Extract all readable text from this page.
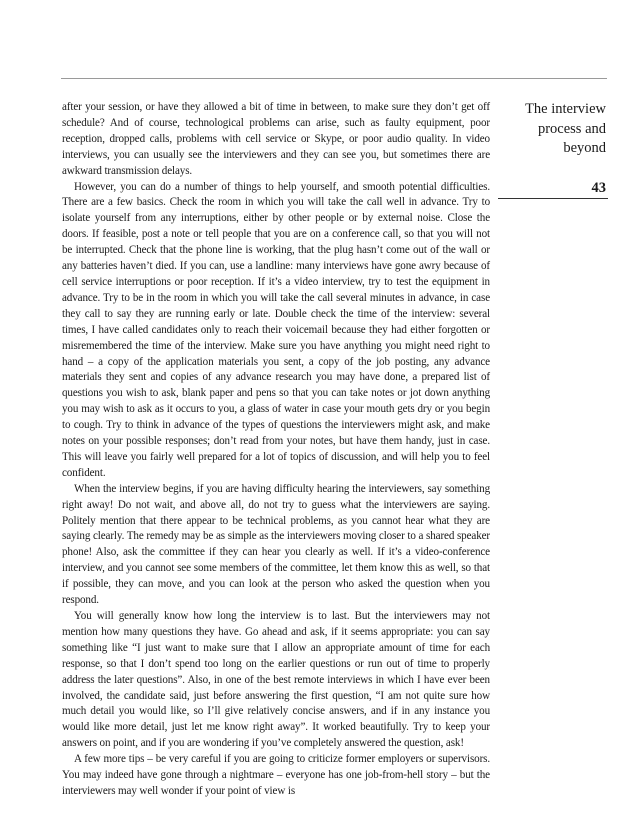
The interview
process and
beyond
43

after your session, or have they allowed a bit of time in between, to make sure they don’t get off schedule? And of course, technological problems can arise, such as faulty equipment, poor reception, dropped calls, problems with cell service or Skype, or poor audio quality. In video interviews, you can usually see the interviewers and they can see you, but sometimes there are awkward transmission delays.

However, you can do a number of things to help yourself, and smooth potential difficulties. There are a few basics. Check the room in which you will take the call well in advance. Try to isolate yourself from any interruptions, either by other people or by external noise. Close the doors. If feasible, post a note or tell people that you are on a conference call, so that you will not be interrupted. Check that the phone line is working, that the plug hasn’t come out of the wall or any batteries haven’t died. If you can, use a landline: many interviews have gone awry because of cell service interruptions or poor reception. If it’s a video interview, try to test the equipment in advance. Try to be in the room in which you will take the call several minutes in advance, in case they call to say they are running early or late. Double check the time of the interview: several times, I have called candidates only to reach their voicemail because they had either forgotten or misremembered the time of the interview. Make sure you have anything you might need right to hand – a copy of the application materials you sent, a copy of the job posting, any advance materials they sent and copies of any advance research you may have done, a prepared list of questions you wish to ask, blank paper and pens so that you can take notes or jot down anything you may wish to ask as it occurs to you, a glass of water in case your mouth gets dry or you begin to cough. Try to think in advance of the types of questions the interviewers might ask, and make notes on your possible responses; don’t read from your notes, but have them handy, just in case. This will leave you fairly well prepared for a lot of topics of discussion, and will help you to feel confident.

When the interview begins, if you are having difficulty hearing the interviewers, say something right away! Do not wait, and above all, do not try to guess what the interviewers are saying. Politely mention that there appear to be technical problems, as you cannot hear what they are saying clearly. The remedy may be as simple as the interviewers moving closer to a shared speaker phone! Also, ask the committee if they can hear you clearly as well. If it’s a video-conference interview, and you cannot see some members of the committee, let them know this as well, so that if possible, they can move, and you can look at the person who asked the question when you respond.

You will generally know how long the interview is to last. But the interviewers may not mention how many questions they have. Go ahead and ask, if it seems appropriate: you can say something like “I just want to make sure that I allow an appropriate amount of time for each response, so that I don’t spend too long on the earlier questions or run out of time to properly address the later questions”. Also, in one of the best remote interviews in which I have ever been involved, the candidate said, just before answering the first question, “I am not quite sure how much detail you would like, so I’ll give relatively concise answers, and if in any instance you would like more detail, just let me know right away”. It worked beautifully. Try to keep your answers on point, and if you are wondering if you’ve completely answered the question, ask!

A few more tips – be very careful if you are going to criticize former employers or supervisors. You may indeed have gone through a nightmare – everyone has one job-from-hell story – but the interviewers may well wonder if your point of view is
